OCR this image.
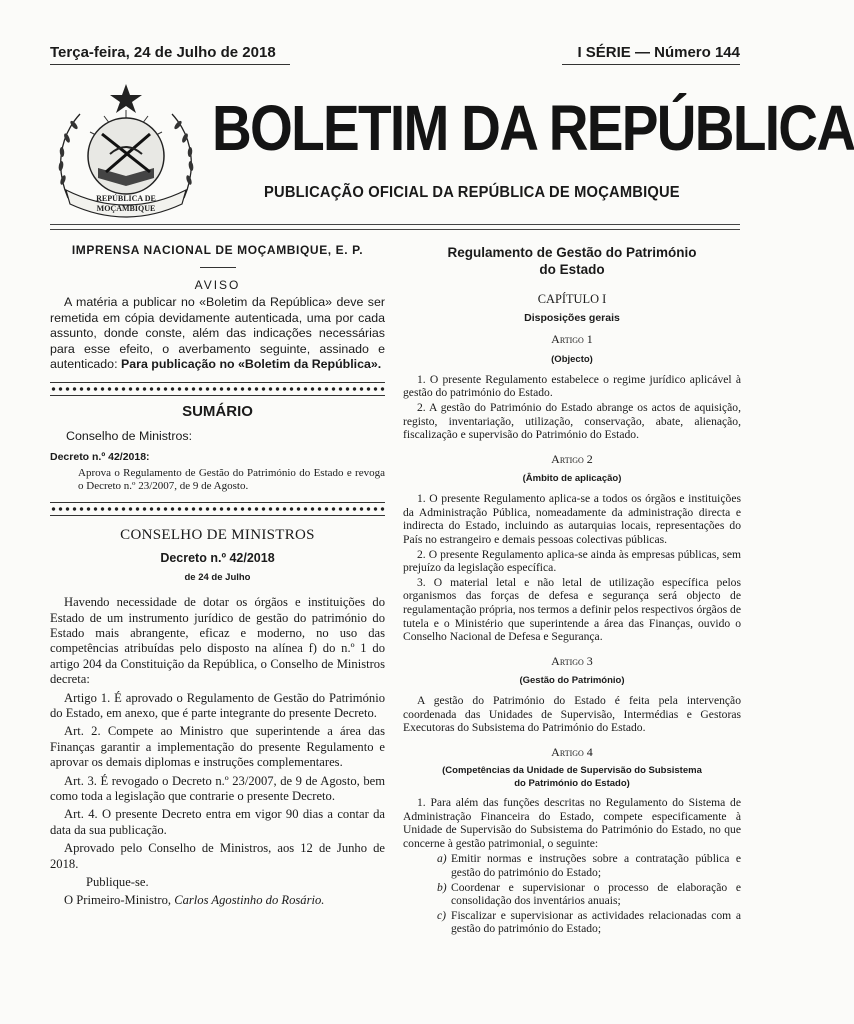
Terça-feira, 24 de Julho de 2018	I SÉRIE — Número 144
REPÚBLICA DE
MOÇAMBIQUE
BOLETIM DA REPÚBLICA
PUBLICAÇÃO OFICIAL DA REPÚBLICA DE MOÇAMBIQUE
IMPRENSA NACIONAL DE MOÇAMBIQUE, E. P.
AVISO

A matéria a publicar no «Boletim da República» deve ser remetida em cópia devidamente autenticada, uma por cada assunto, donde conste, além das indicações necessárias para esse efeito, o averbamento seguinte, assinado e autenticado: Para publicação no «Boletim da República».

SUMÁRIO
Conselho de Ministros:
Decreto n.º 42/2018:

Aprova o Regulamento de Gestão do Património do Estado e revoga o Decreto n.º 23/2007, de 9 de Agosto.

CONSELHO DE MINISTROS
Decreto n.º 42/2018
de 24 de Julho

Havendo necessidade de dotar os órgãos e instituições do Estado de um instrumento jurídico de gestão do património do Estado mais abrangente, eficaz e moderno, no uso das competências atribuídas pelo disposto na alínea f) do n.º 1 do artigo 204 da Constituição da República, o Conselho de Ministros decreta:

Artigo 1. É aprovado o Regulamento de Gestão do Património do Estado, em anexo, que é parte integrante do presente Decreto.

Art. 2. Compete ao Ministro que superintende a área das Finanças garantir a implementação do presente Regulamento e aprovar os demais diplomas e instruções complementares.

Art. 3. É revogado o Decreto n.º 23/2007, de 9 de Agosto, bem como toda a legislação que contrarie o presente Decreto.

Art. 4. O presente Decreto entra em vigor 90 dias a contar da data da sua publicação.

Aprovado pelo Conselho de Ministros, aos 12 de Junho de 2018.

Publique-se.

O Primeiro-Ministro, Carlos Agostinho do Rosário.

Regulamento de Gestão do Património
do Estado
CAPÍTULO I
Disposições gerais
Artigo 1
(Objecto)

1. O presente Regulamento estabelece o regime jurídico aplicável à gestão do património do Estado.

2. A gestão do Património do Estado abrange os actos de aquisição, registo, inventariação, utilização, conservação, abate, alienação, fiscalização e supervisão do Património do Estado.

Artigo 2
(Âmbito de aplicação)

1. O presente Regulamento aplica-se a todos os órgãos e instituições da Administração Pública, nomeadamente da administração directa e indirecta do Estado, incluindo as autarquias locais, representações do País no estrangeiro e demais pessoas colectivas públicas.

2. O presente Regulamento aplica-se ainda às empresas públicas, sem prejuízo da legislação específica.

3. O material letal e não letal de utilização específica pelos organismos das forças de defesa e segurança será objecto de regulamentação própria, nos termos a definir pelos respectivos órgãos de tutela e o Ministério que superintende a área das Finanças, ouvido o Conselho Nacional de Defesa e Segurança.

Artigo 3
(Gestão do Património)

A gestão do Património do Estado é feita pela intervenção coordenada das Unidades de Supervisão, Intermédias e Gestoras Executoras do Subsistema do Património do Estado.

Artigo 4
(Competências da Unidade de Supervisão do Subsistema
do Património do Estado)

1. Para além das funções descritas no Regulamento do Sistema de Administração Financeira do Estado, compete especificamente à Unidade de Supervisão do Subsistema do Património do Estado, no que concerne à gestão patrimonial, o seguinte:

a) Emitir normas e instruções sobre a contratação pública e gestão do património do Estado;
b) Coordenar e supervisionar o processo de elaboração e consolidação dos inventários anuais;
c) Fiscalizar e supervisionar as actividades relacionadas com a gestão do património do Estado;
